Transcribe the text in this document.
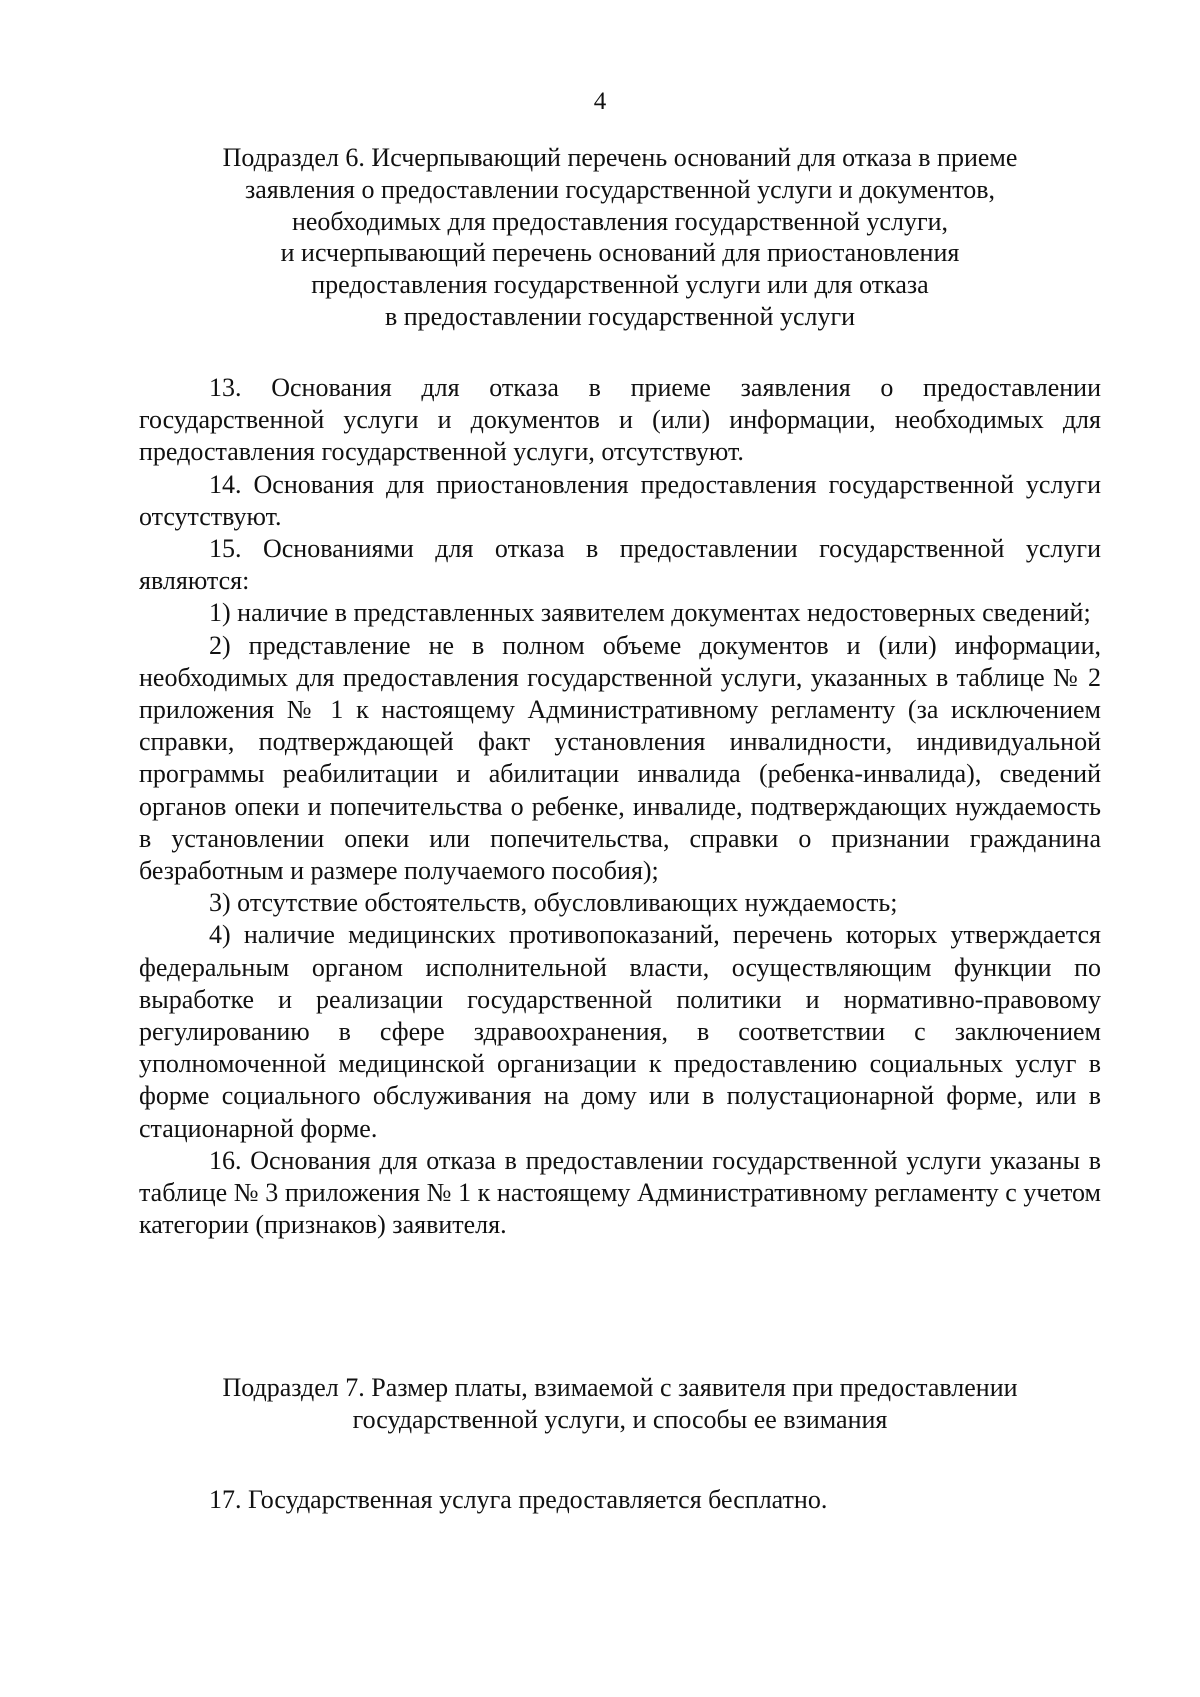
4
Подраздел 6. Исчерпывающий перечень оснований для отказа в приеме
заявления о предоставлении государственной услуги и документов,
необходимых для предоставления государственной услуги,
и исчерпывающий перечень оснований для приостановления
предоставления государственной услуги или для отказа
в предоставлении государственной услуги

13. Основания для отказа в приеме заявления о предоставлении государственной услуги и документов и (или) информации, необходимых для предоставления государственной услуги, отсутствуют.

14. Основания для приостановления предоставления государственной услуги отсутствуют.

15. Основаниями для отказа в предоставлении государственной услуги являются:

1) наличие в представленных заявителем документах недостоверных сведений;

2) представление не в полном объеме документов и (или) информации, необходимых для предоставления государственной услуги, указанных в таблице № 2 приложения № 1 к настоящему Административному регламенту (за исключением справки, подтверждающей факт установления инвалидности, индивидуальной программы реабилитации и абилитации инвалида (ребенка-инвалида), сведений органов опеки и попечительства о ребенке, инвалиде, подтверждающих нуждаемость в установлении опеки или попечительства, справки о признании гражданина безработным и размере получаемого пособия);

3) отсутствие обстоятельств, обусловливающих нуждаемость;

4) наличие медицинских противопоказаний, перечень которых утверждается федеральным органом исполнительной власти, осуществляющим функции по выработке и реализации государственной политики и нормативно-правовому регулированию в сфере здравоохранения, в соответствии с заключением уполномоченной медицинской организации к предоставлению социальных услуг в форме социального обслуживания на дому или в полустационарной форме, или в стационарной форме.

16. Основания для отказа в предоставлении государственной услуги указаны в таблице № 3 приложения № 1 к настоящему Административному регламенту с учетом категории (признаков) заявителя.

Подраздел 7. Размер платы, взимаемой с заявителя при предоставлении
государственной услуги, и способы ее взимания

17. Государственная услуга предоставляется бесплатно.
